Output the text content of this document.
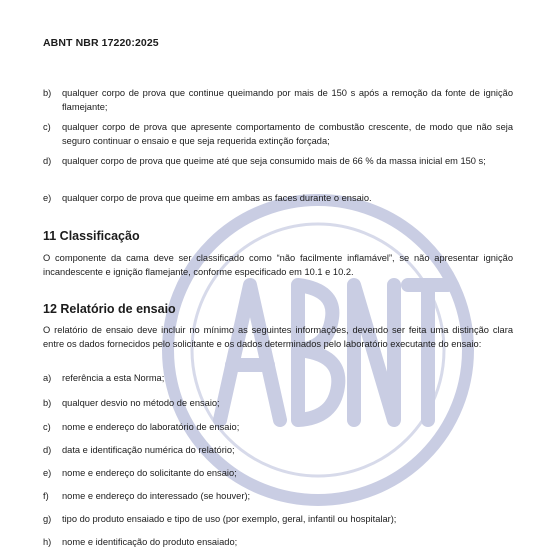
ABNT NBR 17220:2025
b)	qualquer corpo de prova que continue queimando por mais de 150 s após a remoção da fonte de ignição flamejante;
c)	qualquer corpo de prova que apresente comportamento de combustão crescente, de modo que não seja seguro continuar o ensaio e que seja requerida extinção forçada;
d)	qualquer corpo de prova que queime até que seja consumido mais de 66 % da massa inicial em 150 s;
e)	qualquer corpo de prova que queime em ambas as faces durante o ensaio.
11 Classificação
O componente da cama deve ser classificado como “não facilmente inflamável”, se não apresentar ignição incandescente e ignição flamejante, conforme especificado em 10.1 e 10.2.
12 Relatório de ensaio
O relatório de ensaio deve incluir no mínimo as seguintes informações, devendo ser feita uma distinção clara entre os dados fornecidos pelo solicitante e os dados determinados pelo laboratório executante do ensaio:
a)	referência a esta Norma;
b)	qualquer desvio no método de ensaio;
c)	nome e endereço do laboratório de ensaio;
d)	data e identificação numérica do relatório;
e)	nome e endereço do solicitante do ensaio;
f)	nome e endereço do interessado (se houver);
g)	tipo do produto ensaiado e tipo de uso (por exemplo, geral, infantil ou hospitalar);
h)	nome e identificação do produto ensaiado;
